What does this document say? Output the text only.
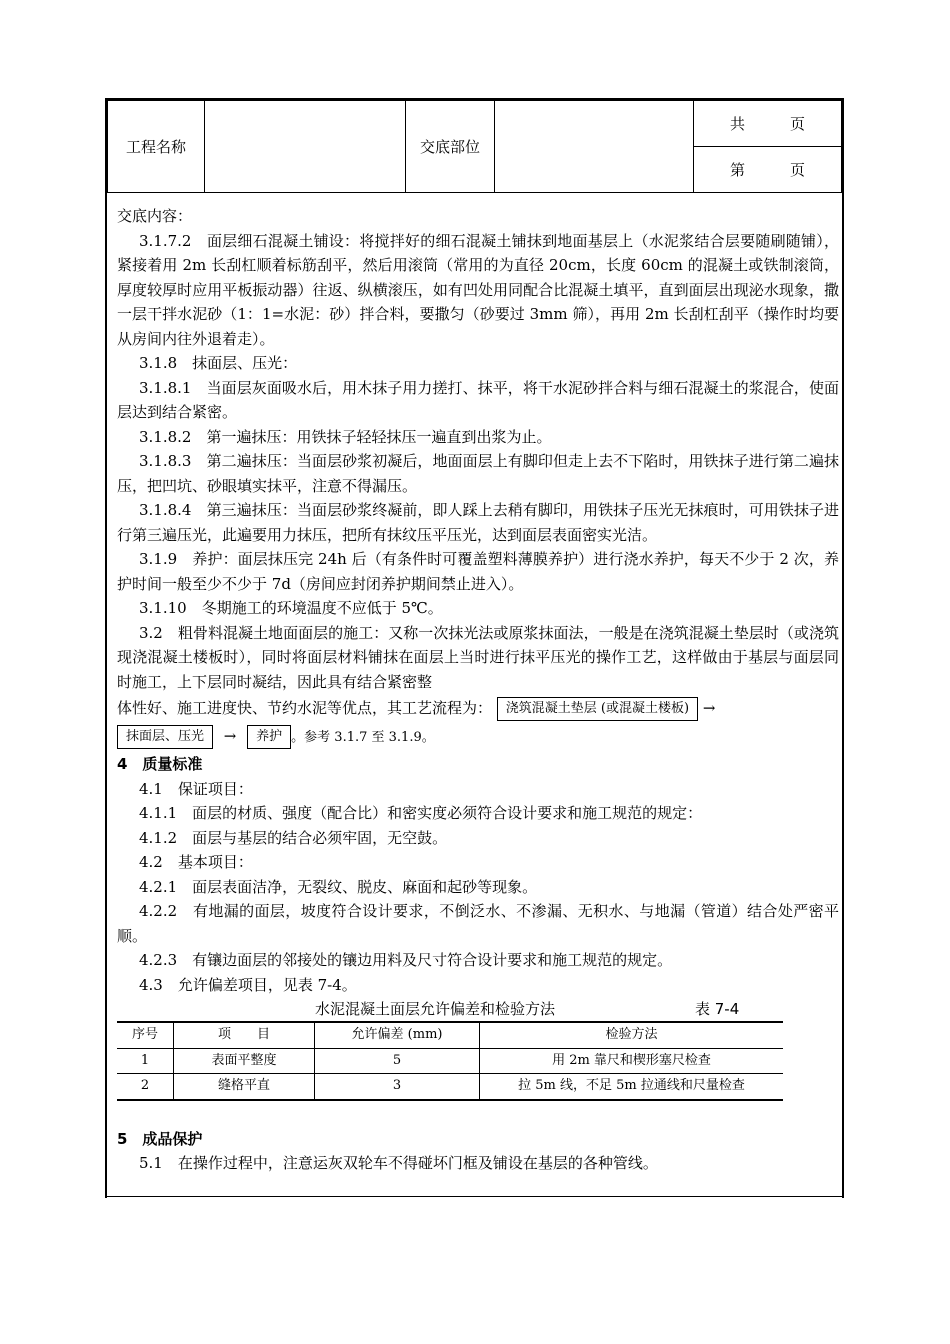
工程名称		交底部位		共　　　页
第　　　页

交底内容：

3.1.7.2　面层细石混凝土铺设：将搅拌好的细石混凝土铺抹到地面基层上（水泥浆结合层要随刷随铺），紧接着用 2m 长刮杠顺着标筋刮平，然后用滚筒（常用的为直径 20cm，长度 60cm 的混凝土或铁制滚筒，厚度较厚时应用平板振动器）往返、纵横滚压，如有凹处用同配合比混凝土填平，直到面层出现泌水现象，撒一层干拌水泥砂（1：1=水泥：砂）拌合料，要撒匀（砂要过 3mm 筛），再用 2m 长刮杠刮平（操作时均要从房间内往外退着走）。

3.1.8　抹面层、压光：

3.1.8.1　当面层灰面吸水后，用木抹子用力搓打、抹平，将干水泥砂拌合料与细石混凝土的浆混合，使面层达到结合紧密。

3.1.8.2　第一遍抹压：用铁抹子轻轻抹压一遍直到出浆为止。

3.1.8.3　第二遍抹压：当面层砂浆初凝后，地面面层上有脚印但走上去不下陷时，用铁抹子进行第二遍抹压，把凹坑、砂眼填实抹平，注意不得漏压。

3.1.8.4　第三遍抹压：当面层砂浆终凝前，即人踩上去稍有脚印，用铁抹子压光无抹痕时，可用铁抹子进行第三遍压光，此遍要用力抹压，把所有抹纹压平压光，达到面层表面密实光洁。

3.1.9　养护：面层抹压完 24h 后（有条件时可覆盖塑料薄膜养护）进行浇水养护，每天不少于 2 次，养护时间一般至少不少于 7d（房间应封闭养护期间禁止进入）。

3.1.10　冬期施工的环境温度不应低于 5℃。

3.2　粗骨料混凝土地面面层的施工：又称一次抹光法或原浆抹面法，一般是在浇筑混凝土垫层时（或浇筑现浇混凝土楼板时），同时将面层材料铺抹在面层上当时进行抹平压光的操作工艺，这样做由于基层与面层同时施工，上下层同时凝结，因此具有结合紧密整

体性好、施工进度快、节约水泥等优点，其工艺流程为： 浇筑混凝土垫层 (或混凝土楼板) →

抹面层、压光 → 养护 。参考 3.1.7 至 3.1.9。

4　质量标准

4.1　保证项目：

4.1.1　面层的材质、强度（配合比）和密实度必须符合设计要求和施工规范的规定：

4.1.2　面层与基层的结合必须牢固，无空鼓。

4.2　基本项目：

4.2.1　面层表面洁净，无裂纹、脱皮、麻面和起砂等现象。

4.2.2　有地漏的面层，坡度符合设计要求，不倒泛水、不渗漏、无积水、与地漏（管道）结合处严密平顺。

4.2.3　有镶边面层的邻接处的镶边用料及尺寸符合设计要求和施工规范的规定。

4.3　允许偏差项目，见表 7-4。

水泥混凝土面层允许偏差和检验方法	表 7-4
序号	项　　目	允许偏差 (mm)	检验方法
1	表面平整度	5	用 2m 靠尺和楔形塞尺检查
2	缝格平直	3	拉 5m 线，不足 5m 拉通线和尺量检查

5　成品保护

5.1　在操作过程中，注意运灰双轮车不得碰坏门框及铺设在基层的各种管线。
